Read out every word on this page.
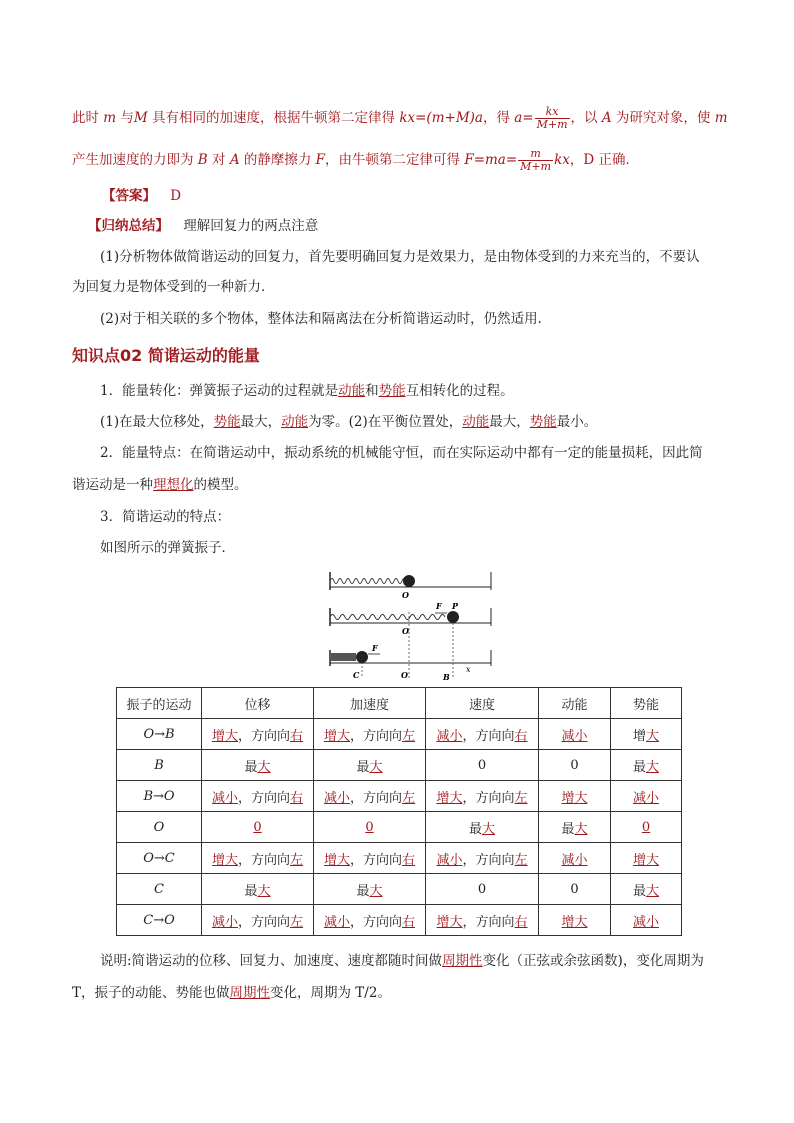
此时 m 与M 具有相同的加速度，根据牛顿第二定律得 kx=(m+M)a，得 $a= \frac{kx}{M+m}$ ，以 A 为研究对象，使 m
产生加速度的力即为 B 对 A 的静摩擦力 F，由牛顿第二定律可得 $F=ma= \frac{m}{M+m}$ kx，D 正确．
【答案】 D
【归纳总结】 理解回复力的两点注意
(1)分析物体做简谐运动的回复力，首先要明确回复力是效果力，是由物体受到的力来充当的，不要认
为回复力是物体受到的一种新力．
(2)对于相关联的多个物体，整体法和隔离法在分析简谐运动时，仍然适用．
知识点02 简谐运动的能量
1．能量转化：弹簧振子运动的过程就是动能和势能互相转化的过程。
(1)在最大位移处，势能最大，动能为零。(2)在平衡位置处，动能最大，势能最小。
2．能量特点：在简谐运动中，振动系统的机械能守恒，而在实际运动中都有一定的能量损耗，因此简
谐运动是一种理想化的模型。
3．简谐运动的特点：
如图所示的弹簧振子．
O
F P
O
F
C	O	B
x
振子的运动	位移	加速度	速度	动能	势能
O→B	增大，方向向右	增大，方向向左	减小，方向向右	减小	增大
B	最大	最大	0	0	最大
B→O	减小，方向向右	减小，方向向左	增大，方向向左	增大	减小
O	0	0	最大	最大	0
O→C	增大，方向向左	增大，方向向右	减小，方向向左	减小	增大
C	最大	最大	0	0	最大
C→O	减小，方向向左	减小，方向向右	增大，方向向右	增大	减小
说明:简谐运动的位移、回复力、加速度、速度都随时间做周期性变化（正弦或余弦函数)，变化周期为
T，振子的动能、势能也做周期性变化，周期为 T/2。
